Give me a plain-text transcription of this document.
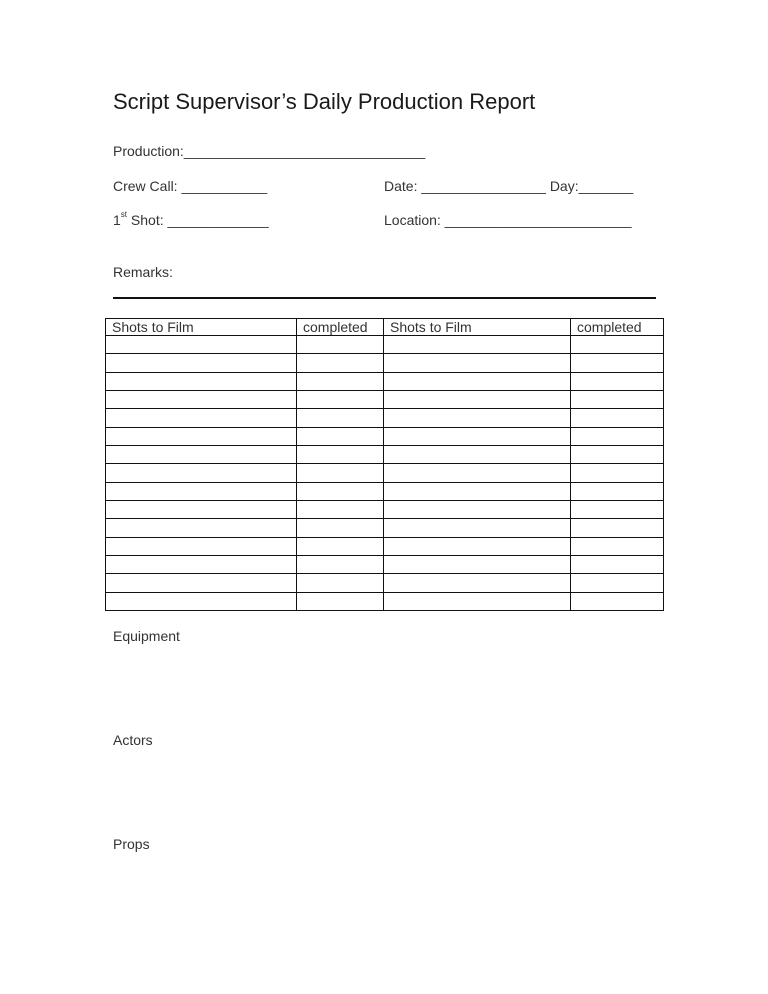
Script Supervisor’s Daily Production Report
Production:_______________________________
Crew Call: ___________	Date: ________________ Day:_______
1st Shot: _____________	Location: ________________________
Remarks:
Shots to Film	completed	Shots to Film	completed

Equipment
Actors
Props
